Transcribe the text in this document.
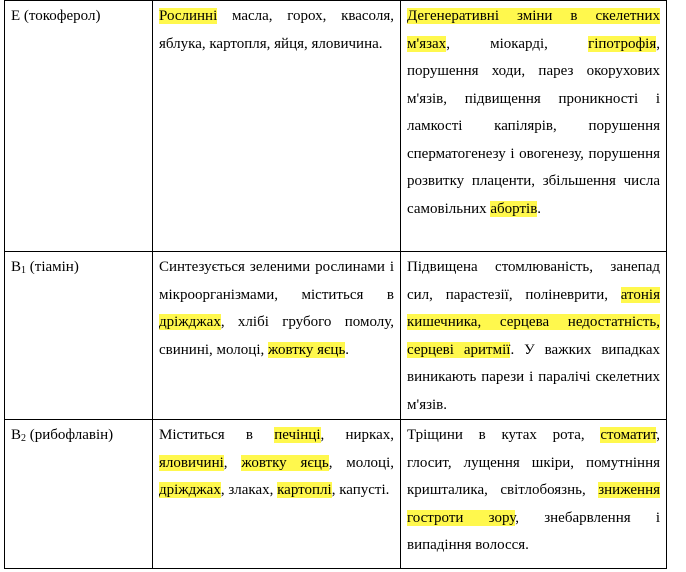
Е (токоферол)	Рослинні масла, горох, квасоля, яблука, картопля, яйця, яловичина.	Дегенеративні зміни в скелетних м'язах, міокарді, гіпотрофія, порушення ходи, парез окорухових м'язів, підвищення проникності і ламкості капілярів, порушення сперматогенезу і овогенезу, порушення розвитку плаценти, збільшення числа самовільних абортів.
$В_1$ (тіамін)	Синтезується зеленими рослинами і мікроорганізмами, міститься в дріжджах, хлібі грубого помолу, свинині, молоці, жовтку яєць.	Підвищена стомлюваність, занепад сил, парастезії, поліневрити, атонія кишечника, серцева недостатність, серцеві аритмії. У важких випадках виникають парези і паралічі скелетних м'язів.
$В_2$ (рибофлавін)	Міститься в печінці, нирках, яловичині, жовтку яєць, молоці, дріжджах, злаках, картоплі, капусті.	Тріщини в кутах рота, стоматит, глосит, лущення шкіри, помутніння кришталика, світлобоязнь, зниження гостроти зору, знебарвлення і випадіння волосся.
